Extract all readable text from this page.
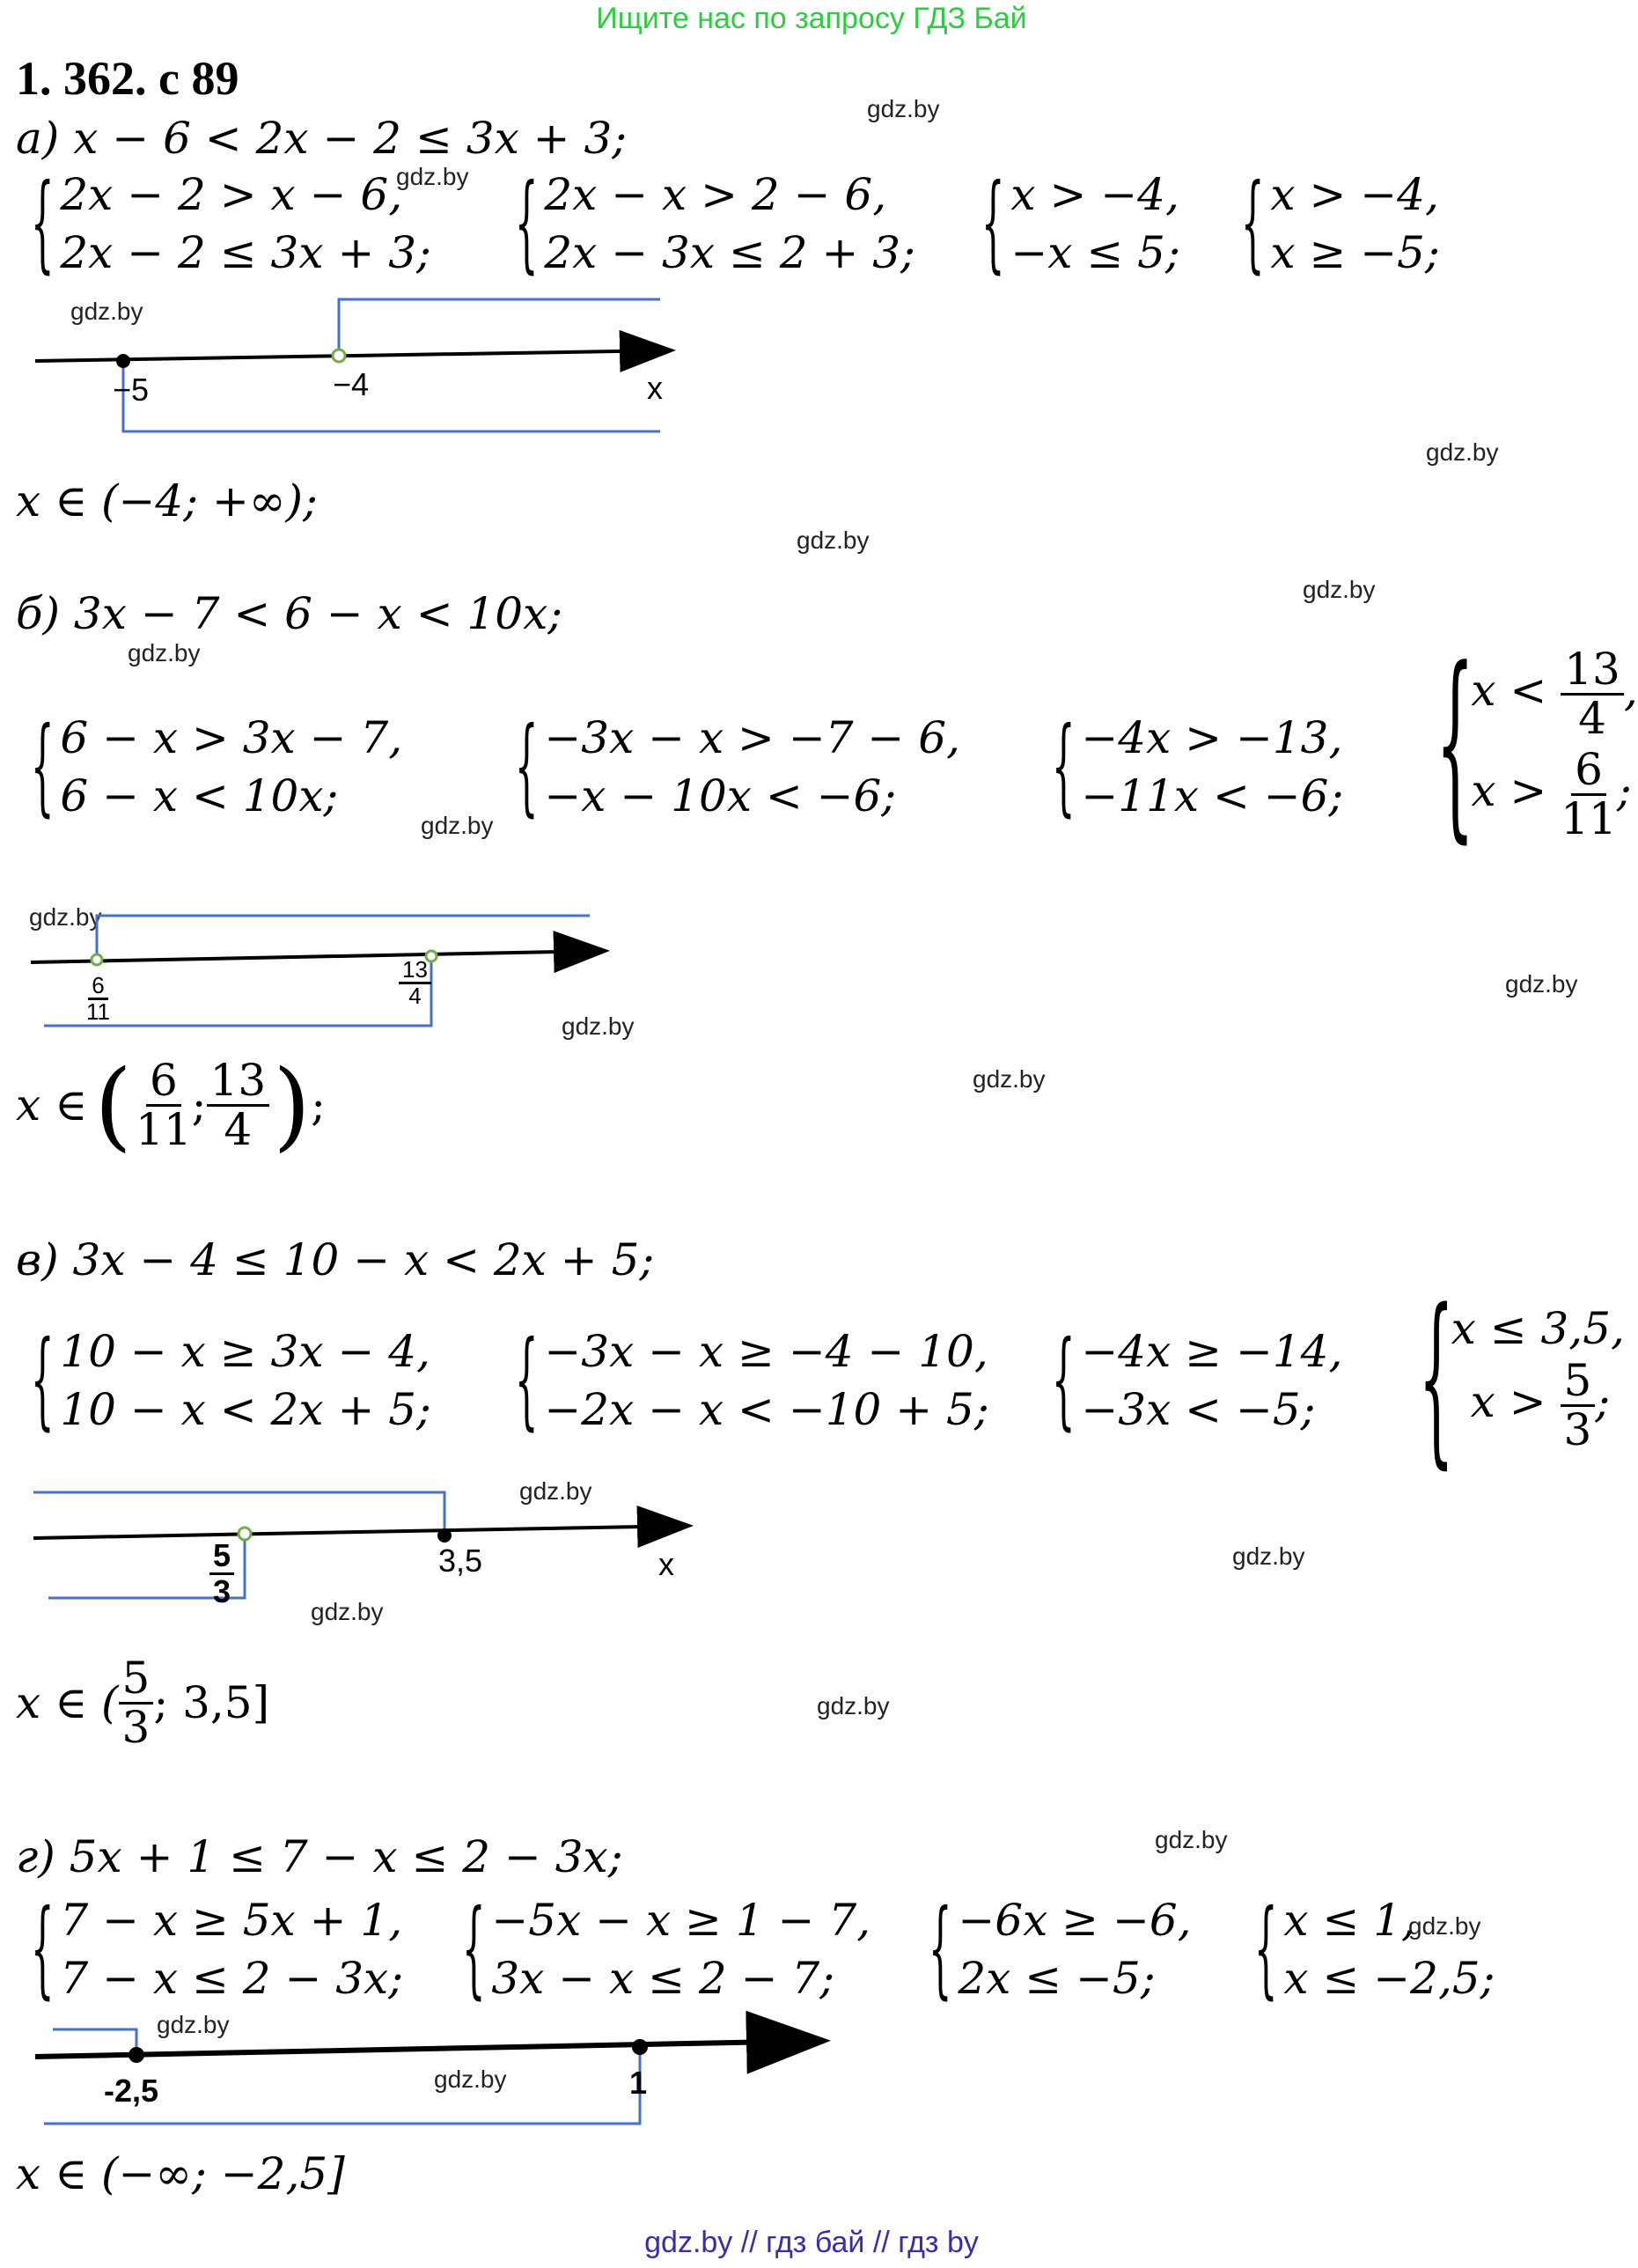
Ищите нас по запросу ГДЗ Бай
1. 362. с 89
gdz.by
gdz.by
gdz.by
gdz.by
gdz.by
gdz.by
gdz.by
gdz.by
gdz.by
gdz.by
gdz.by
gdz.by
gdz.by
gdz.by
gdz.by
gdz.by
gdz.by
gdz.by
gdz.by
gdz.by
а) x − 6 < 2x − 2 ≤ 3x + 3;
{ 2x − 2 > x − 6,
2x − 2 ≤ 3x + 3; { 2x − x > 2 − 6,
2x − 3x ≤ 2 + 3; { x > −4,
−x ≤ 5; { x > −4,
x ≥ −5;
−5	−4	x
x ∈ (−4; +∞);
б) 3x − 7 < 6 − x < 10x;
{ 6 − x > 3x − 7,
6 − x < 10x;	{ −3x − x > −7 − 6,
−x − 10x < −6;	{ −4x > −13,
−11x < −6; {
$x < \frac{13}{4}$ ,
$x > \frac{6}{11}$ ;
$\frac{6}{11}$	$\frac{13}{4}$
x
x ∈ ( $\frac{6}{11}$ ; $\frac{13}{4}$ ) ;
в) 3x − 4 ≤ 10 − x < 2x + 5;
{ 10 − x ≥ 3x − 4,
10 − x < 2x + 5; { −3x − x ≥ −4 − 10,
−2x − x < −10 + 5; { −4x ≥ −14,
−3x < −5; {
x ≤ 3,5,
$x > \frac{5}{3}$ ;
$\frac{5}{3}$	3,5	x
x ∈ ( $\frac{5}{3}$ ; 3,5]
г) 5x + 1 ≤ 7 − x ≤ 2 − 3x;
{ 7 − x ≥ 5x + 1,
7 − x ≤ 2 − 3x; { −5x − x ≥ 1 − 7,
3x − x ≤ 2 − 7; { −6x ≥ −6,
2x ≤ −5; { x ≤ 1,
x ≤ −2,5;
-2,5	1
x
x ∈ (−∞; −2,5]
gdz.by // гдз бай // гдз by
